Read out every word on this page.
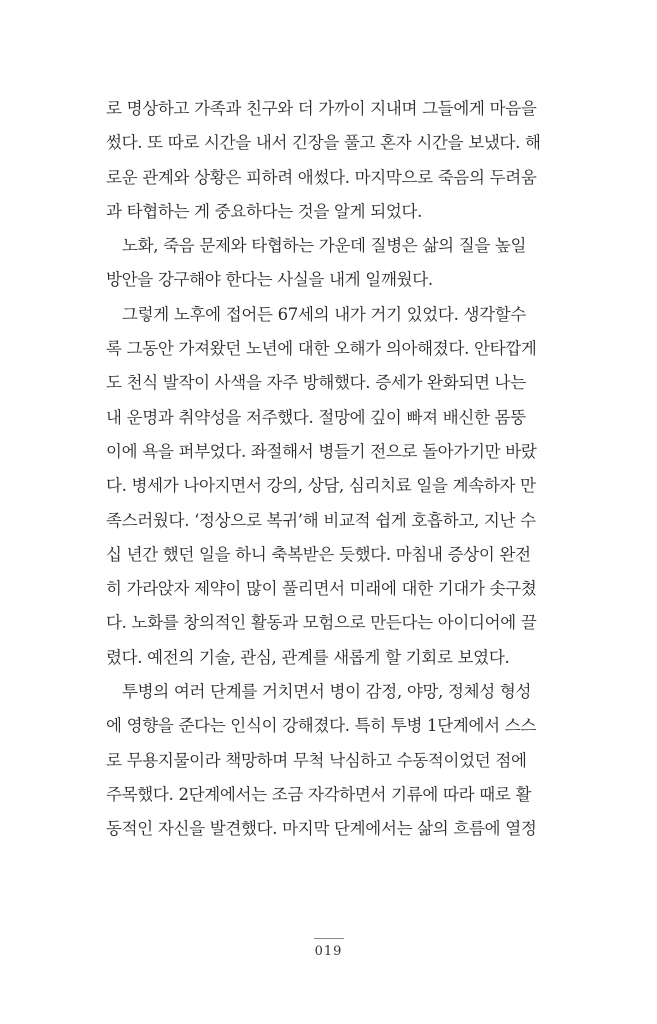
로 명상하고 가족과 친구와 더 가까이 지내며 그들에게 마음을
썼다. 또 따로 시간을 내서 긴장을 풀고 혼자 시간을 보냈다. 해
로운 관계와 상황은 피하려 애썼다. 마지막으로 죽음의 두려움
과 타협하는 게 중요하다는 것을 알게 되었다.
노화, 죽음 문제와 타협하는 가운데 질병은 삶의 질을 높일
방안을 강구해야 한다는 사실을 내게 일깨웠다.
그렇게 노후에 접어든 67세의 내가 거기 있었다. 생각할수
록 그동안 가져왔던 노년에 대한 오해가 의아해졌다. 안타깝게
도 천식 발작이 사색을 자주 방해했다. 증세가 완화되면 나는
내 운명과 취약성을 저주했다. 절망에 깊이 빠져 배신한 몸뚱
이에 욕을 퍼부었다. 좌절해서 병들기 전으로 돌아가기만 바랐
다. 병세가 나아지면서 강의, 상담, 심리치료 일을 계속하자 만
족스러웠다. ‘정상으로 복귀’해 비교적 쉽게 호흡하고, 지난 수
십 년간 했던 일을 하니 축복받은 듯했다. 마침내 증상이 완전
히 가라앉자 제약이 많이 풀리면서 미래에 대한 기대가 솟구쳤
다. 노화를 창의적인 활동과 모험으로 만든다는 아이디어에 끌
렸다. 예전의 기술, 관심, 관계를 새롭게 할 기회로 보였다.
투병의 여러 단계를 거치면서 병이 감정, 야망, 정체성 형성
에 영향을 준다는 인식이 강해졌다. 특히 투병 1단계에서 스스
로 무용지물이라 책망하며 무척 낙심하고 수동적이었던 점에
주목했다. 2단계에서는 조금 자각하면서 기류에 따라 때로 활
동적인 자신을 발견했다. 마지막 단계에서는 삶의 흐름에 열정
019
